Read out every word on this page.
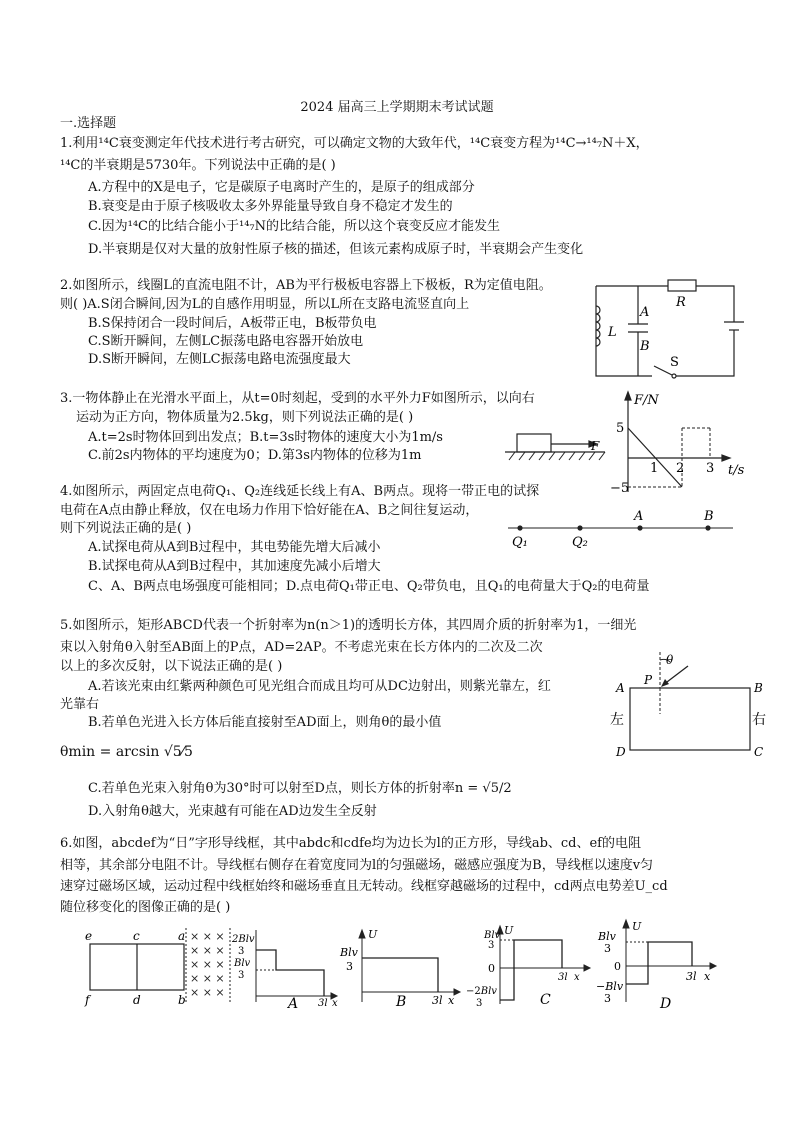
2024 届高三上学期期末考试试题
一.选择题
1.利用¹⁴C衰变测定年代技术进行考古研究，可以确定文物的大致年代，¹⁴C衰变方程为¹⁴C→¹⁴₇N＋X，
¹⁴C的半衰期是5730年。下列说法中正确的是( )
A.方程中的X是电子，它是碳原子电离时产生的，是原子的组成部分
B.衰变是由于原子核吸收太多外界能量导致自身不稳定才发生的
C.因为¹⁴C的比结合能小于¹⁴₇N的比结合能，所以这个衰变反应才能发生
D.半衰期是仅对大量的放射性原子核的描述，但该元素构成原子时，半衰期会产生变化
2.如图所示，线圈L的直流电阻不计，AB为平行极板电容器上下极板，R为定值电阻。
则( )A.S闭合瞬间,因为L的自感作用明显，所以L所在支路电流竖直向上
B.S保持闭合一段时间后，A板带正电，B板带负电
C.S断开瞬间，左侧LC振荡电路电容器开始放电
D.S断开瞬间，左侧LC振荡电路电流强度最大
R
L
A
B
S
3.一物体静止在光滑水平面上，从t=0时刻起，受到的水平外力F如图所示，以向右
运动为正方向，物体质量为2.5kg，则下列说法正确的是( )
A.t=2s时物体回到出发点；B.t=3s时物体的速度大小为1m/s
C.前2s内物体的平均速度为0；D.第3s内物体的位移为1m
F
F/N
t/s
5
−5
1 2 3
4.如图所示，两固定点电荷Q₁、Q₂连线延长线上有A、B两点。现将一带正电的试探
电荷在A点由静止释放，仅在电场力作用下恰好能在A、B之间往复运动，
则下列说法正确的是( )
A.试探电荷从A到B过程中，其电势能先增大后减小
B.试探电荷从A到B过程中，其加速度先减小后增大
C、A、B两点电场强度可能相同；D.点电荷Q₁带正电、Q₂带负电，且Q₁的电荷量大于Q₂的电荷量
A	B
Q₁	Q₂
5.如图所示，矩形ABCD代表一个折射率为n(n＞1)的透明长方体，其四周介质的折射率为1，一细光
束以入射角θ入射至AB面上的P点，AD=2AP。不考虑光束在长方体内的二次及二次
以上的多次反射，以下说法正确的是( )
A.若该光束由红紫两种颜色可见光组合而成且均可从DC边射出，则紫光靠左，红
光靠右
B.若单色光进入长方体后能直接射至AD面上，则角θ的最小值
θmin = arcsin √5⁄5
C.若单色光束入射角θ为30°时可以射至D点，则长方体的折射率n = √5/2
D.入射角θ越大，光束越有可能在AD边发生全反射
θ
P
A	B
D	C
左	右
6.如图，abcdef为“日”字形导线框，其中abdc和cdfe均为边长为l的正方形，导线ab、cd、ef的电阻
相等，其余部分电阻不计。导线框右侧存在着宽度同为l的匀强磁场，磁感应强度为B，导线框以速度v匀
速穿过磁场区域，运动过程中线框始终和磁场垂直且无转动。线框穿越磁场的过程中，cd两点电势差U_cd
随位移变化的图像正确的是( )
× × ×
× × ×
× × ×
× × ×
× × ×
e	c	a
f	d	b
2Blv
3
Blv
3
3l x
A
U
Blv
3
3l x
B
Blv
3
U
0
−2Blv
3
3l x
C
Blv
3
U
0
−Blv
3
3l x
D
